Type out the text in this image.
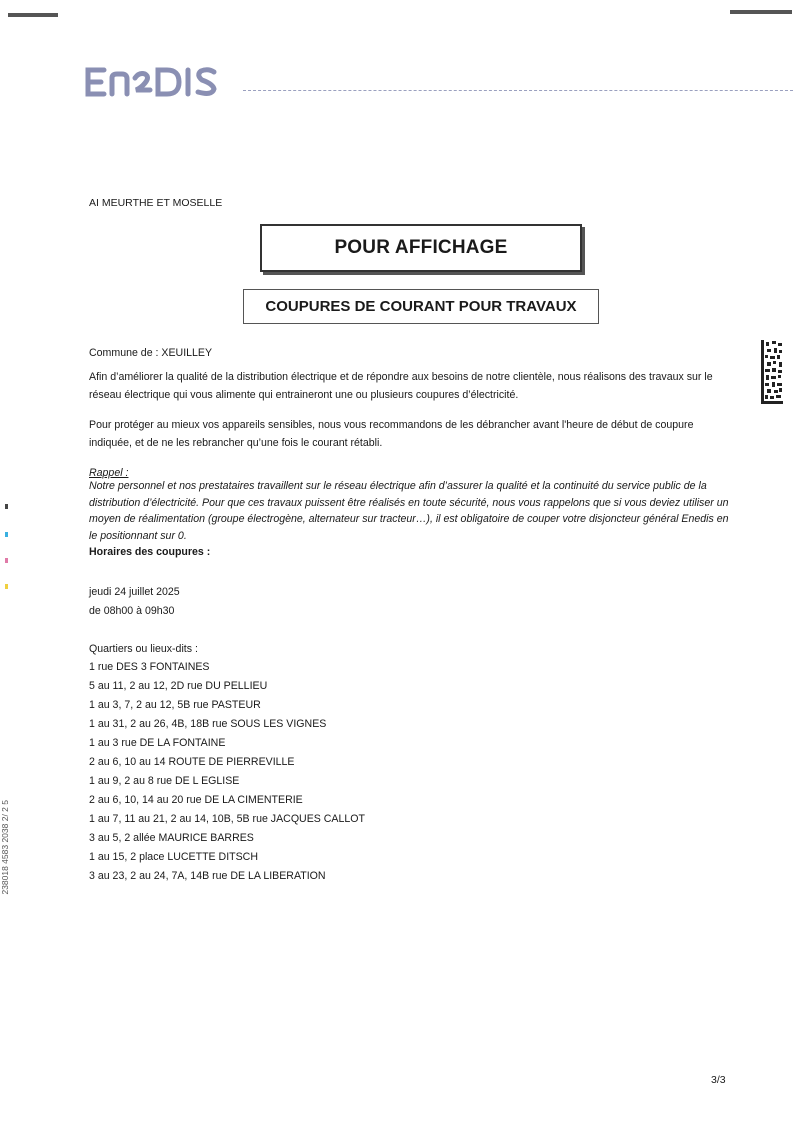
238018 4583 2038 2/ 2 5
AI MEURTHE ET MOSELLE
POUR AFFICHAGE
COUPURES DE COURANT POUR TRAVAUX
Commune de : XEUILLEY
Afin d’améliorer la qualité de la distribution électrique et de répondre aux besoins de notre clientèle, nous réalisons des travaux sur le réseau électrique qui vous alimente qui entraineront une ou plusieurs coupures d’électricité.
Pour protéger au mieux vos appareils sensibles, nous vous recommandons de les débrancher avant l'heure de début de coupure indiquée, et de ne les rebrancher qu’une fois le courant rétabli.
Rappel :
Notre personnel et nos prestataires travaillent sur le réseau électrique afin d’assurer la qualité et la continuité du service public de la distribution d’électricité. Pour que ces travaux puissent être réalisés en toute sécurité, nous vous rappelons que si vous deviez utiliser un moyen de réalimentation (groupe électrogène, alternateur sur tracteur…), il est obligatoire de couper votre disjoncteur général Enedis en le positionnant sur 0.
Horaires des coupures :
jeudi 24 juillet 2025
de 08h00 à 09h30
Quartiers ou lieux-dits :
1 rue DES 3 FONTAINES
5 au 11, 2 au 12, 2D rue DU PELLIEU
1 au 3, 7, 2 au 12, 5B rue PASTEUR
1 au 31, 2 au 26, 4B, 18B rue SOUS LES VIGNES
1 au 3 rue DE LA FONTAINE
2 au 6, 10 au 14 ROUTE DE PIERREVILLE
1 au 9, 2 au 8 rue DE L EGLISE
2 au 6, 10, 14 au 20 rue DE LA CIMENTERIE
1 au 7, 11 au 21, 2 au 14, 10B, 5B rue JACQUES CALLOT
3 au 5, 2 allée MAURICE BARRES
1 au 15, 2 place LUCETTE DITSCH
3 au 23, 2 au 24, 7A, 14B rue DE LA LIBERATION
3/3
